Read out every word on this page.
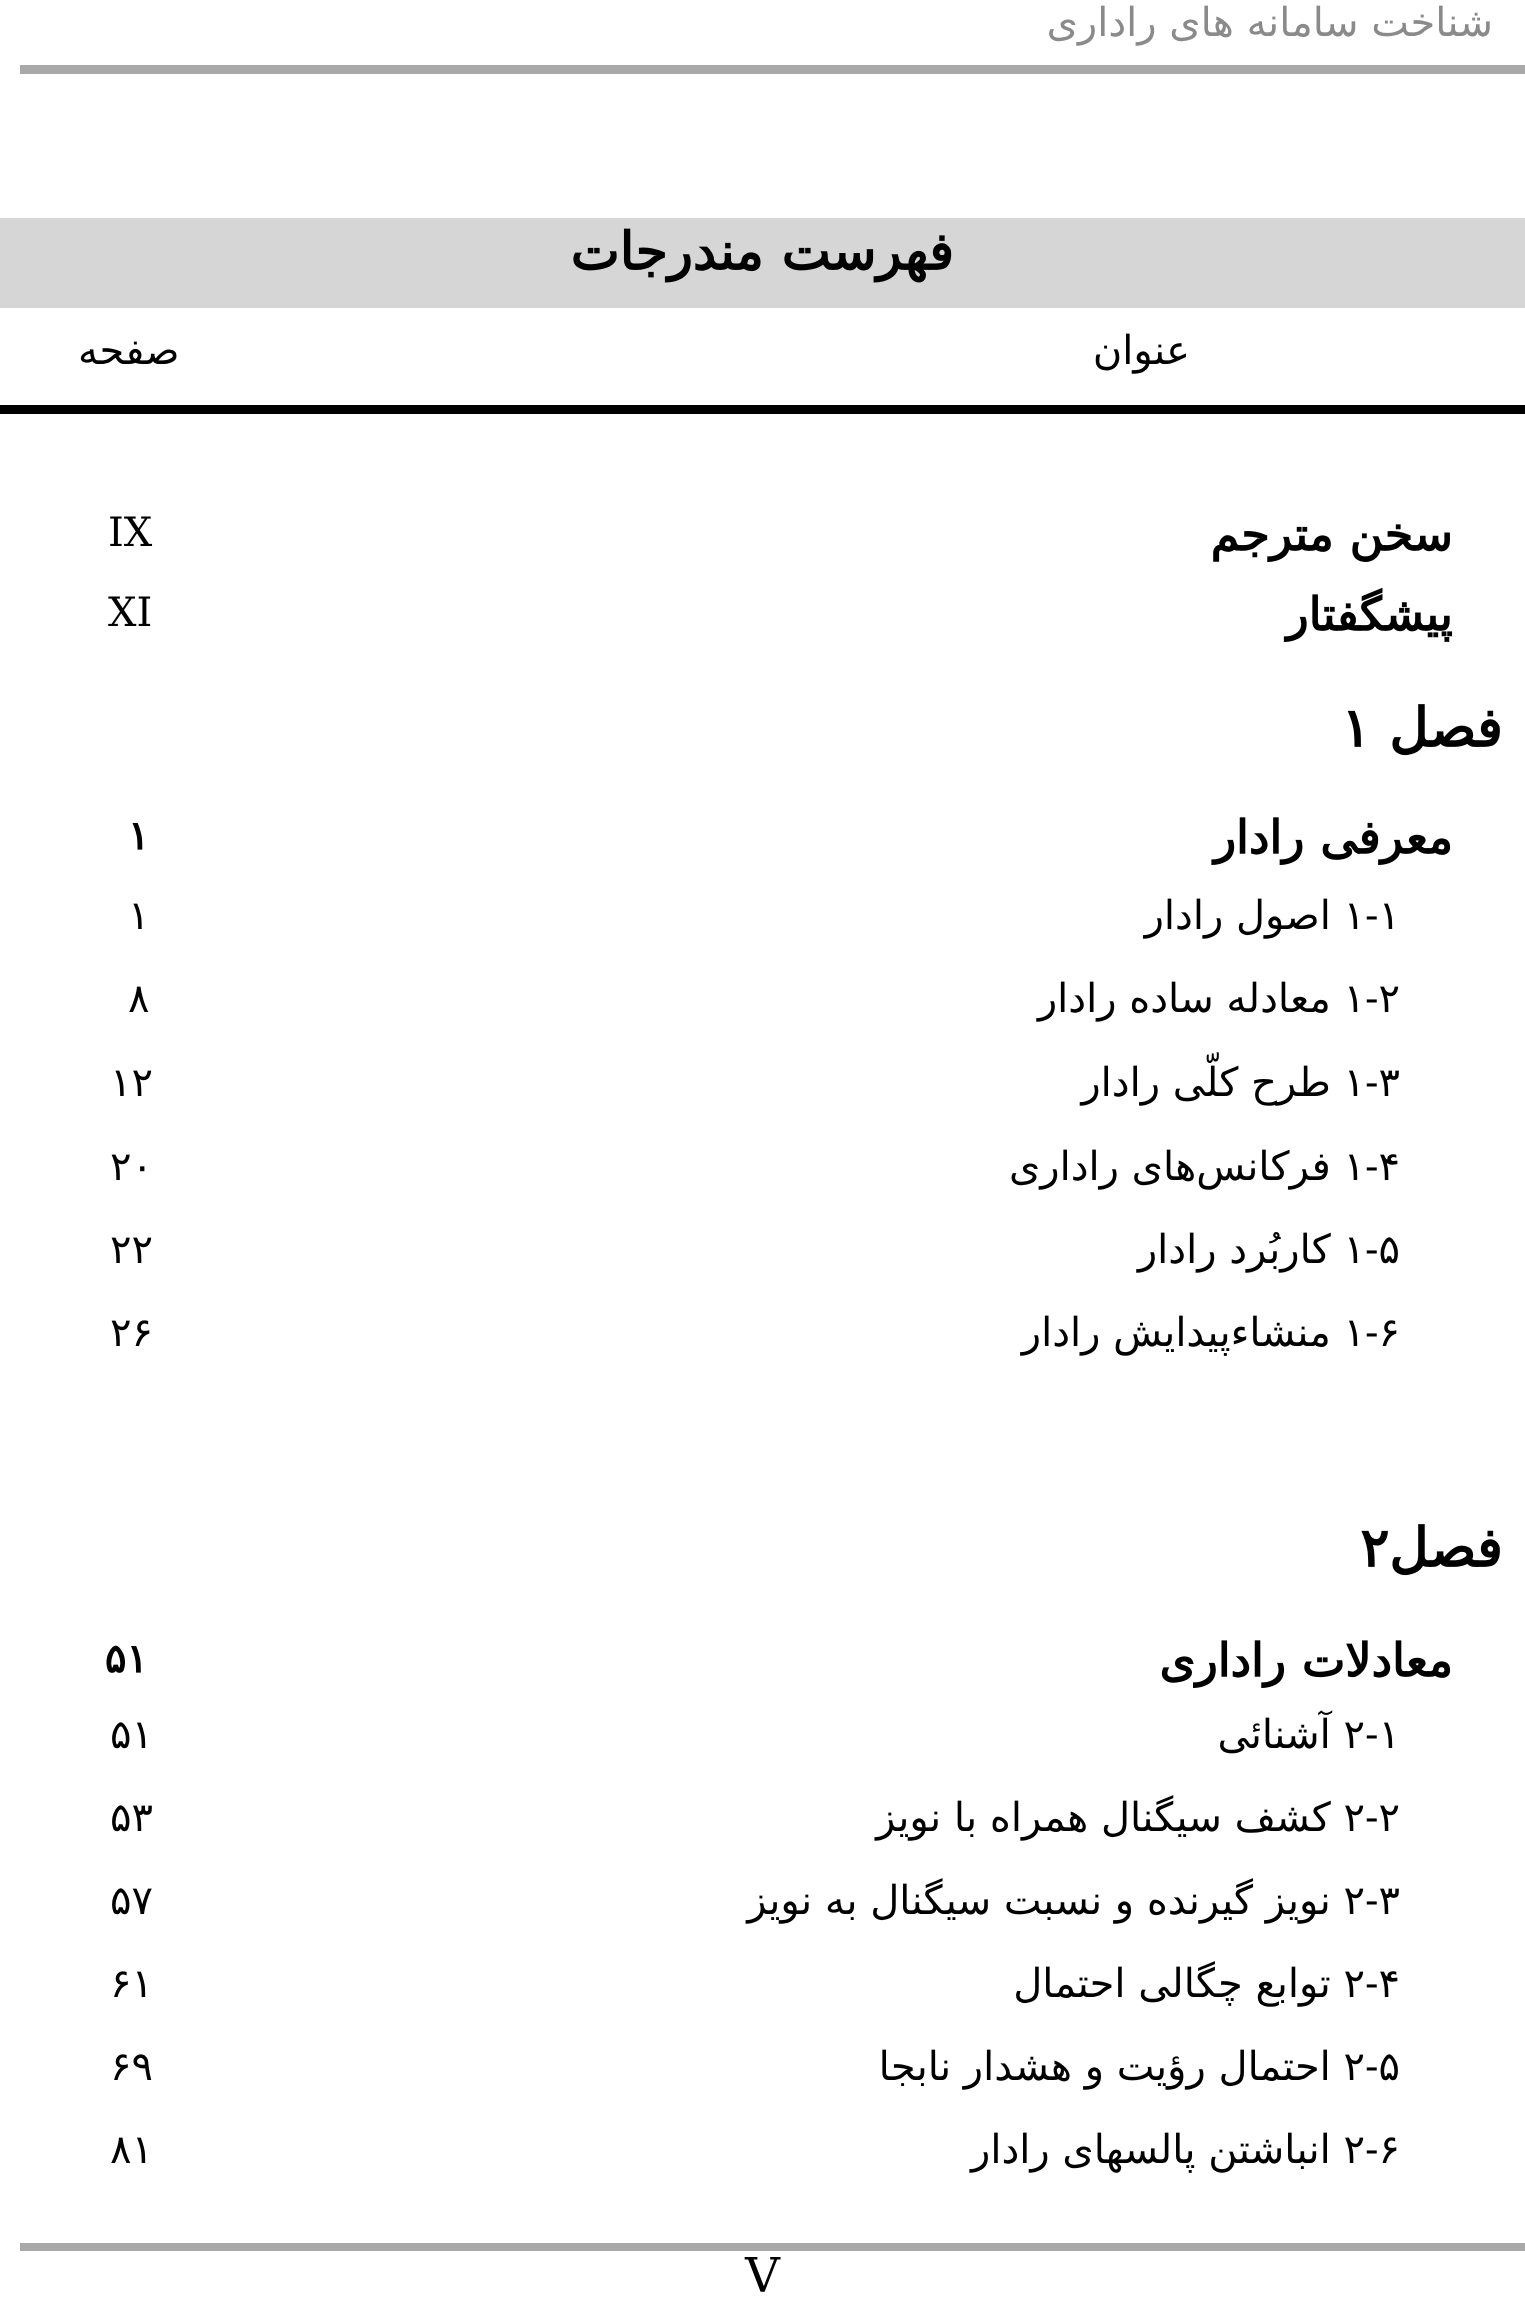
شناخت سامانه های راداری
فهرست مندرجات
عنوان
صفحه
سخن مترجم
IX
پیشگفتار
XI
فصل ۱
معرفی رادار
۱
۱-۱ اصول رادار
۱
۱-۲ معادله ساده رادار
۸
۱-۳ طرح کلّی رادار
۱۲
۱-۴ فرکانس‌های راداری
۲۰
۱-۵ کاربُرد رادار
۲۲
۱-۶ منشاءپیدایش رادار
۲۶
فصل۲
معادلات راداری
۵۱
۲-۱ آشنائی
۵۱
۲-۲ کشف سیگنال همراه با نویز
۵۳
۲-۳ نویز گیرنده و نسبت سیگنال به نویز
۵۷
۲-۴ توابع چگالی احتمال
۶۱
۲-۵ احتمال رؤیت و هشدار نابجا
۶۹
۲-۶ انباشتن پالسهای رادار
۸۱
V
